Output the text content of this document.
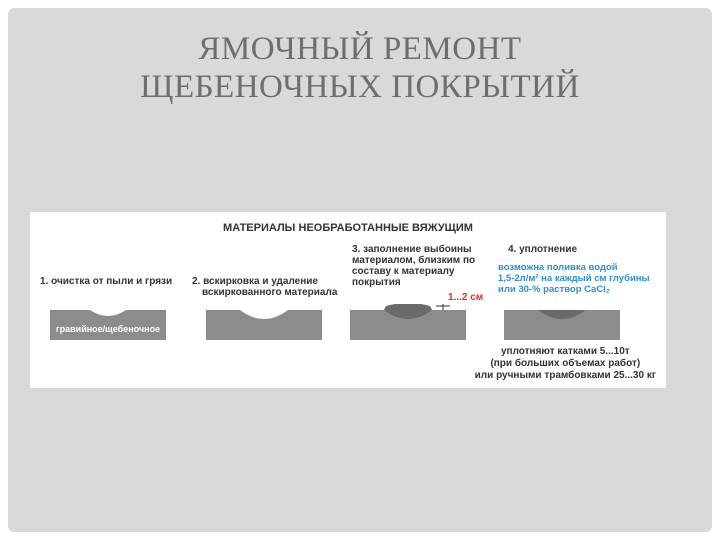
ЯМОЧНЫЙ РЕМОНТ
ЩЕБЕНОЧНЫХ ПОКРЫТИЙ
МАТЕРИАЛЫ НЕОБРАБОТАННЫЕ ВЯЖУЩИМ
1. очистка от пыли и грязи 2. вскирковка и удаление
вскиркованного материала
3. заполнение выбоины
материалом, близким по
составу к материалу
покрытия
1...2 см
4. уплотнение
возможна поливка водой
1,5-2л/м² на каждый см глубины
или 30-% раствор CaCl₂
гравийное/щебеночное
уплотняют катками 5...10т
(при больших объемах работ)
или ручными трамбовками 25...30 кг
